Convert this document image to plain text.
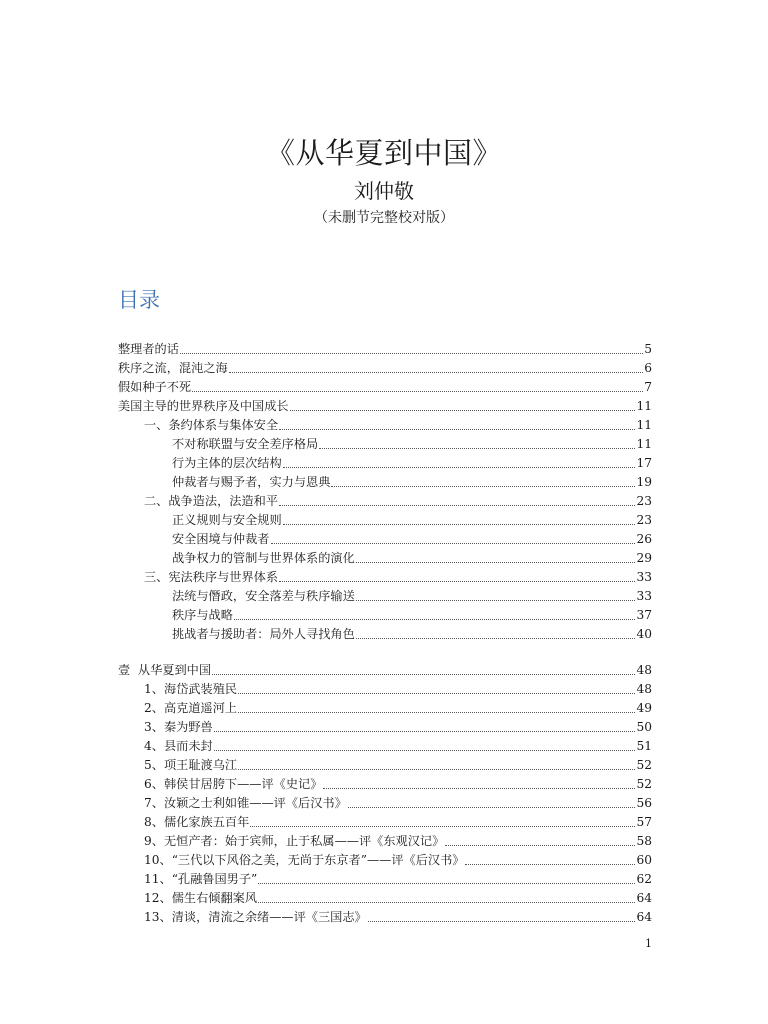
《从华夏到中国》
刘仲敬
（未删节完整校对版）
目录
整理者的话	5
秩序之流，混沌之海	6
假如种子不死	7
美国主导的世界秩序及中国成长	11
一、条约体系与集体安全	11
不对称联盟与安全差序格局	11
行为主体的层次结构	17
仲裁者与赐予者，实力与恩典	19
二、战争造法，法造和平	23
正义规则与安全规则	23
安全困境与仲裁者	26
战争权力的管制与世界体系的演化	29
三、宪法秩序与世界体系	33
法统与僭政，安全落差与秩序输送	33
秩序与战略	37
挑战者与援助者：局外人寻找角色	40
壹  从华夏到中国	48
1、海岱武装殖民	48
2、高克道遥河上	49
3、秦为野兽	50
4、县而未封	51
5、项王耻渡乌江	52
6、韩侯甘居胯下——评《史记》	52
7、汝颖之士利如锥——评《后汉书》	56
8、儒化家族五百年	57
9、无恒产者：始于宾师，止于私属——评《东观汉记》	58
10、“三代以下风俗之美，无尚于东京者”——评《后汉书》	60
11、“孔融鲁国男子”	62
12、儒生右倾翻案风	64
13、清谈，清流之余绪——评《三国志》	64
1
